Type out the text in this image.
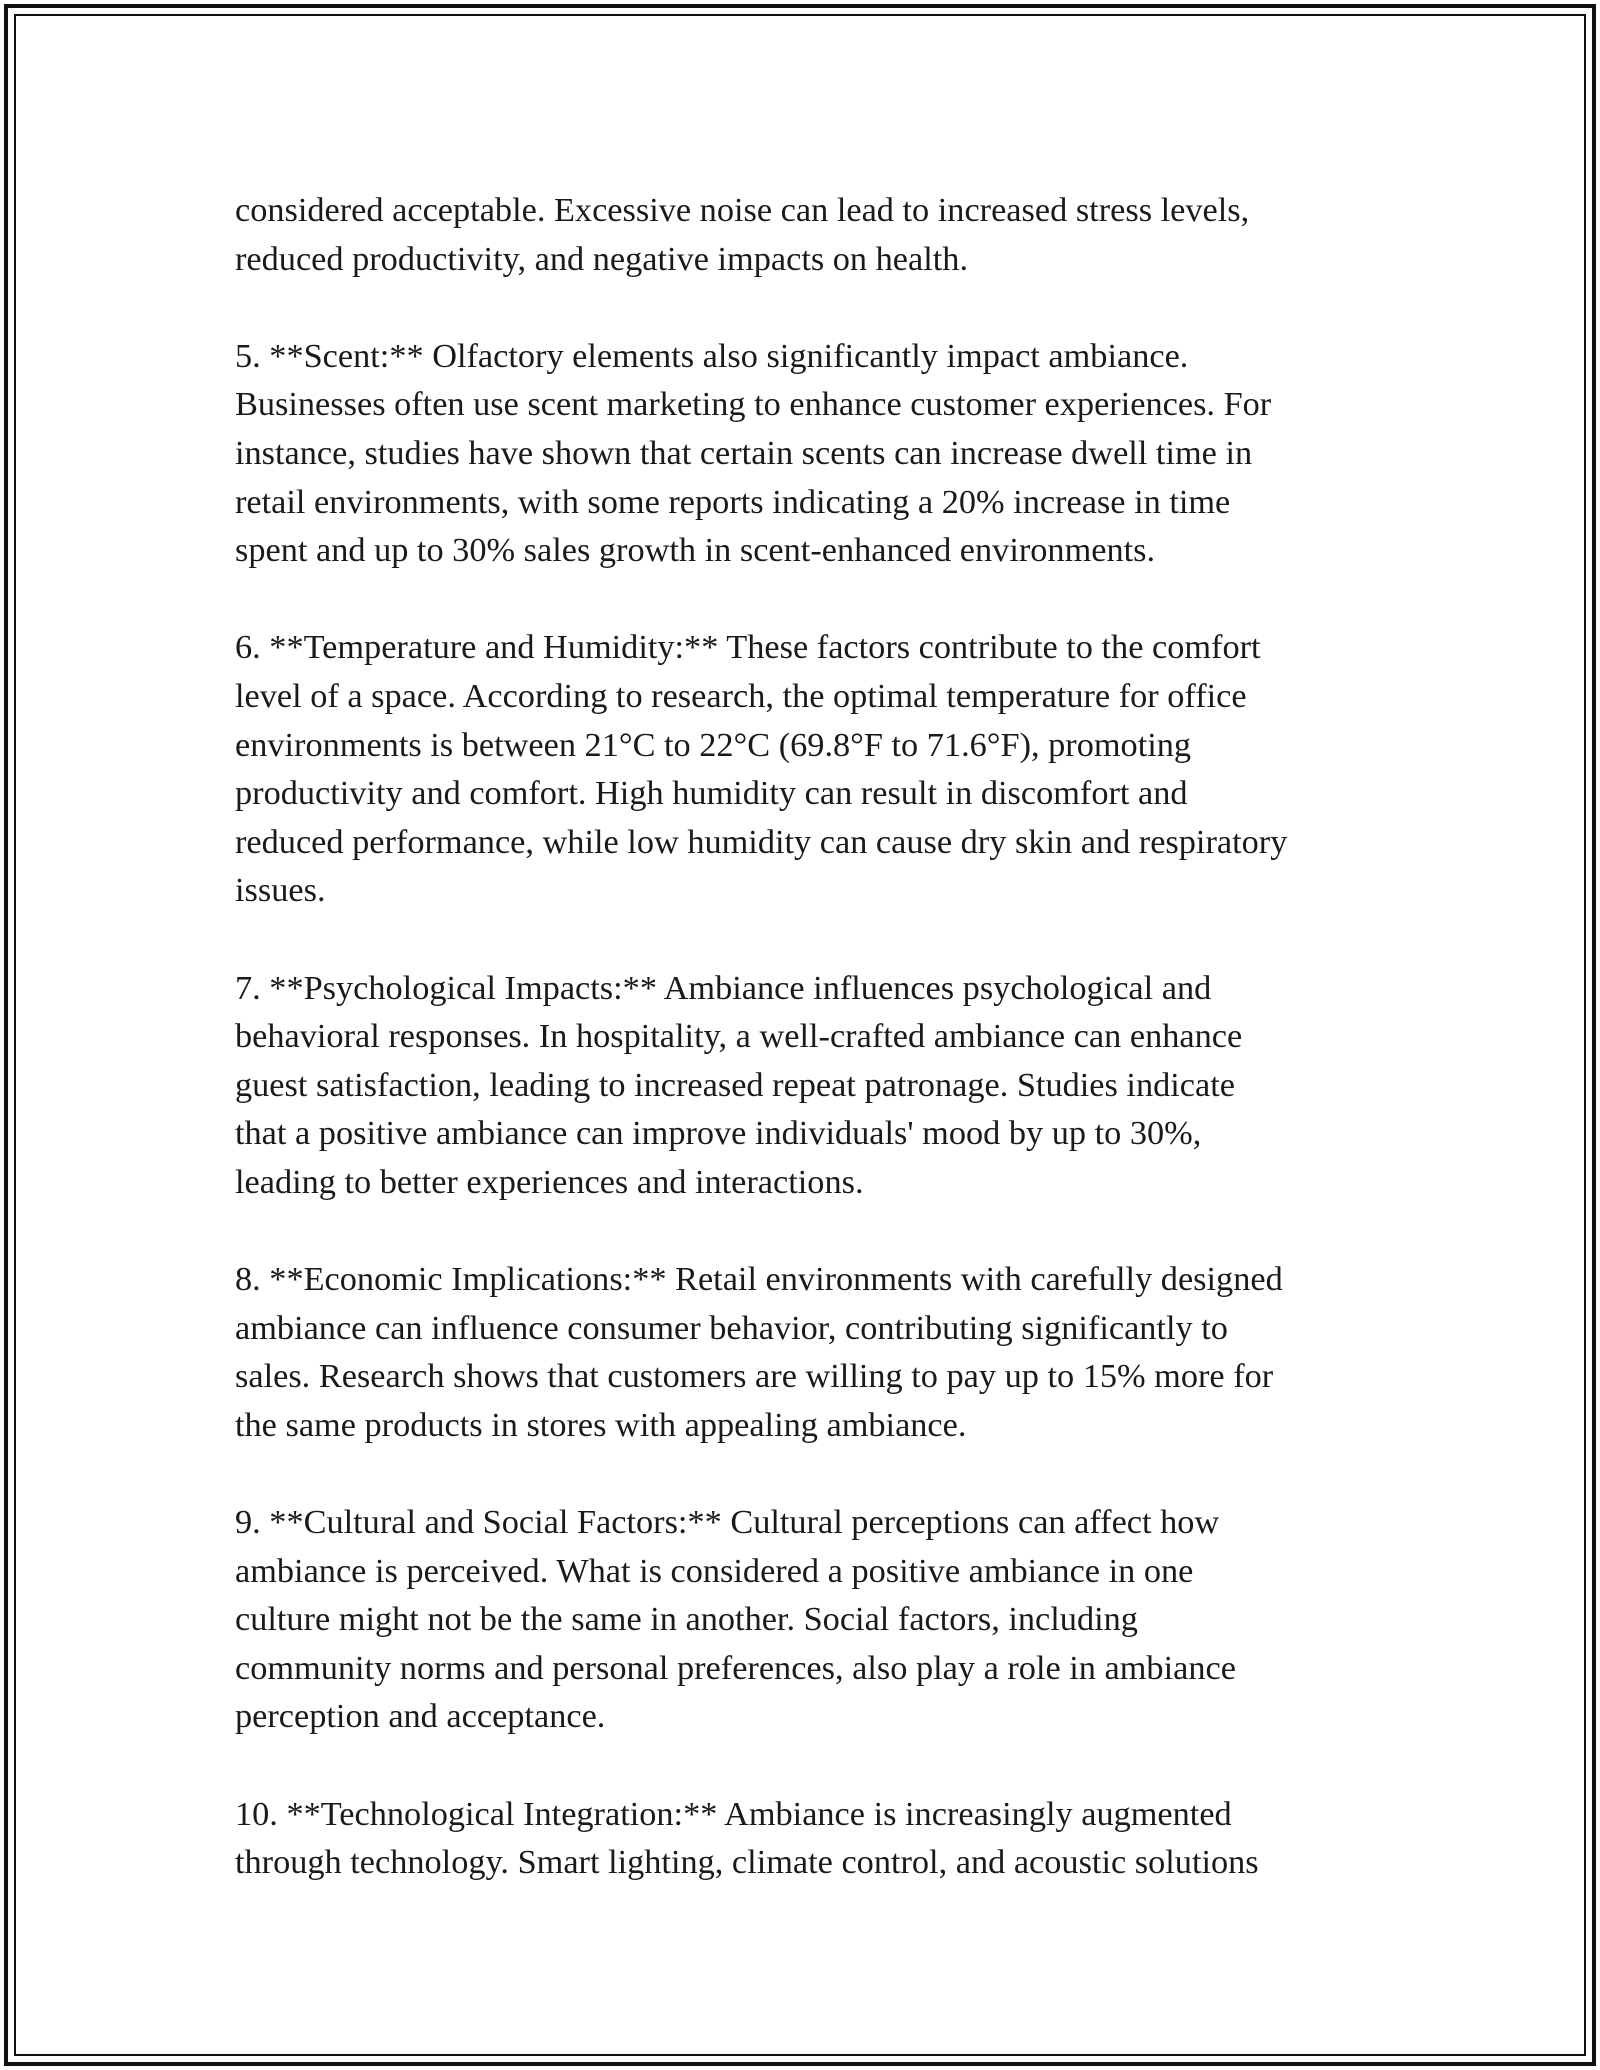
considered acceptable. Excessive noise can lead to increased stress levels,
reduced productivity, and negative impacts on health.

5. **Scent:** Olfactory elements also significantly impact ambiance.
Businesses often use scent marketing to enhance customer experiences. For
instance, studies have shown that certain scents can increase dwell time in
retail environments, with some reports indicating a 20% increase in time
spent and up to 30% sales growth in scent-enhanced environments.

6. **Temperature and Humidity:** These factors contribute to the comfort
level of a space. According to research, the optimal temperature for office
environments is between 21°C to 22°C (69.8°F to 71.6°F), promoting
productivity and comfort. High humidity can result in discomfort and
reduced performance, while low humidity can cause dry skin and respiratory
issues.

7. **Psychological Impacts:** Ambiance influences psychological and
behavioral responses. In hospitality, a well-crafted ambiance can enhance
guest satisfaction, leading to increased repeat patronage. Studies indicate
that a positive ambiance can improve individuals' mood by up to 30%,
leading to better experiences and interactions.

8. **Economic Implications:** Retail environments with carefully designed
ambiance can influence consumer behavior, contributing significantly to
sales. Research shows that customers are willing to pay up to 15% more for
the same products in stores with appealing ambiance.

9. **Cultural and Social Factors:** Cultural perceptions can affect how
ambiance is perceived. What is considered a positive ambiance in one
culture might not be the same in another. Social factors, including
community norms and personal preferences, also play a role in ambiance
perception and acceptance.

10. **Technological Integration:** Ambiance is increasingly augmented
through technology. Smart lighting, climate control, and acoustic solutions
